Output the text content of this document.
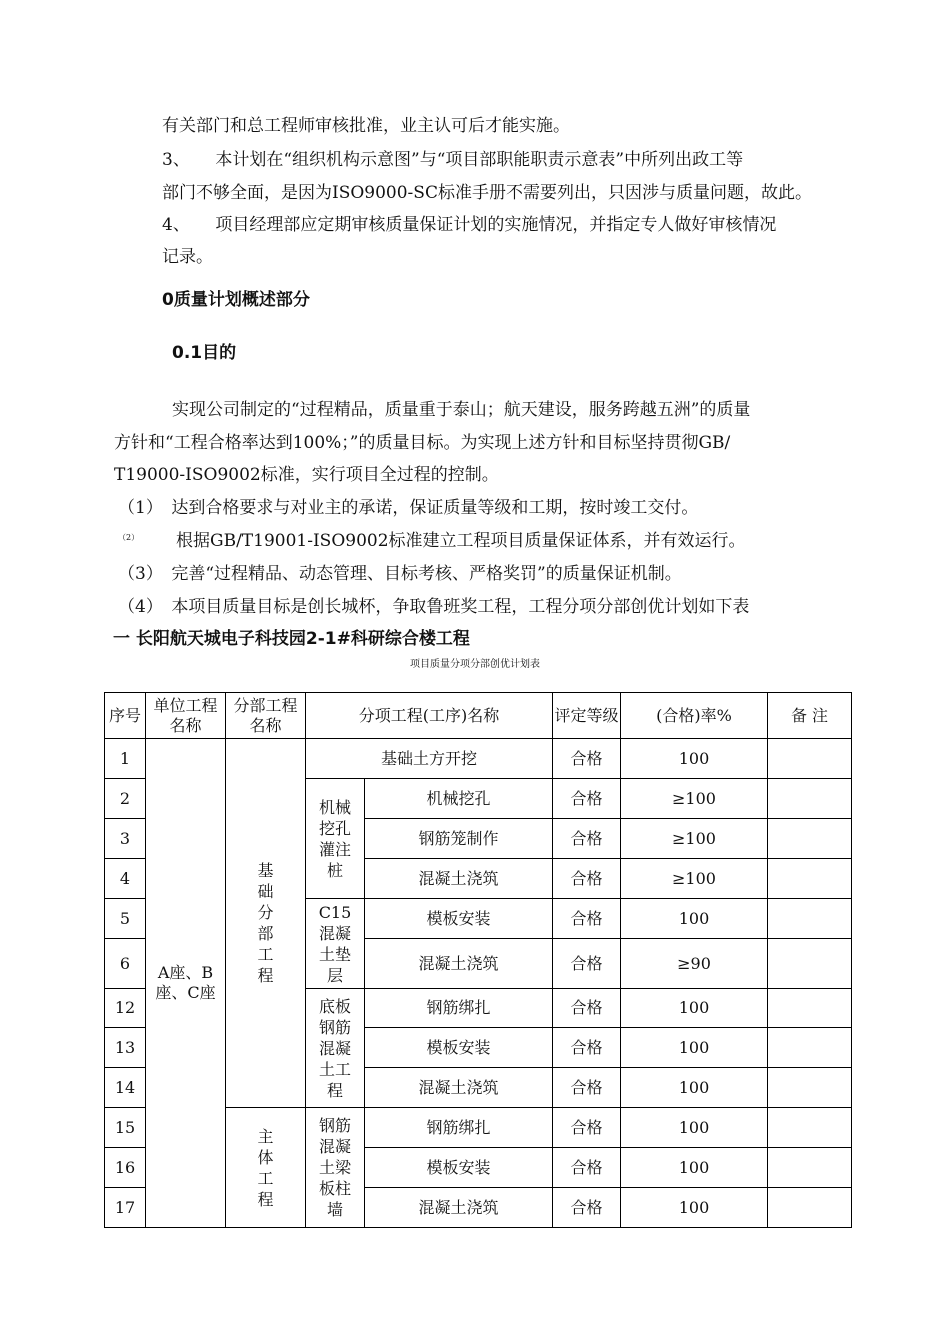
有关部门和总工程师审核批准，业主认可后才能实施。
3、　　本计划在“组织机构示意图”与“项目部职能职责示意表”中所列出政工等
部门不够全面，是因为ISO9000-SC标准手册不需要列出，只因涉与质量问题，故此。
4、　　项目经理部应定期审核质量保证计划的实施情况，并指定专人做好审核情况
记录。
0质量计划概述部分
0.1目的
实现公司制定的“过程精品，质量重于泰山；航天建设，服务跨越五洲”的质量
方针和“工程合格率达到100%；”的质量目标。为实现上述方针和目标坚持贯彻GB/
T19000-ISO9002标准，实行项目全过程的控制。
（1）　达到合格要求与对业主的承诺，保证质量等级和工期，按时竣工交付。
（2） 根据GB/T19001-ISO9002标准建立工程项目质量保证体系，并有效运行。
（3）　完善“过程精品、动态管理、目标考核、严格奖罚”的质量保证机制。
（4）　本项目质量目标是创长城杯，争取鲁班奖工程，工程分项分部创优计划如下表
一 长阳航天城电子科技园2-1#科研综合楼工程
项目质量分项分部创优计划表
序号	单位工程名称	分部工程名称	分项工程(工序)名称		评定等级	(合格)率%	备 注
1	A座、B座、C座	基础分部工程	基础土方开挖		合格	100	
2			机械挖孔灌注桩	机械挖孔	合格	≥100	
3				钢筋笼制作	合格	≥100	
4				混凝土浇筑	合格	≥100	
5			C15混凝土垫层	模板安装	合格	100	
6				混凝土浇筑	合格	≥90	
12			底板钢筋混凝土工程	钢筋绑扎	合格	100	
13				模板安装	合格	100	
14				混凝土浇筑	合格	100	
15		主体工程	钢筋混凝土梁板柱墙	钢筋绑扎	合格	100	
16				模板安装	合格	100	
17				混凝土浇筑	合格	100	
